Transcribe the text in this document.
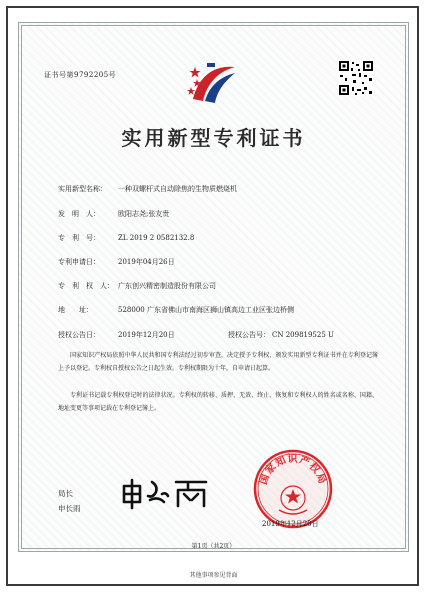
证书号第9792205号
实用新型专利证书
实用新型名称：	一种双螺杆式自动除焦的生物质燃烧机
发　明　人：	欧阳志尧;张友贵
专　利　号：	ZL 2019 2 0582132.8
专利申请日：	2019年04月26日
专　利　权　人： 广东创兴精密制造股份有限公司
地　　址：	528000 广东省佛山市南海区狮山镇高边工业区张边桥侧
授权公告日：	2019年12月20日	授权公告号： CN 209819525 U
国家知识产权局依照中华人民共和国专利法经过初步审查，决定授予专利权，颁发实用新型专利证书并在专利登记簿上予以登记。专利权自授权公告之日起生效。专利权期限为十年，自申请日起算。
专利证书记载专利权登记时的法律状况。专利权的转移、质押、无效、终止、恢复和专利权人的姓名或名称、国籍、地址变更等事项记载在专利登记簿上。
国家知识产权局
2019年12月20日
局长
申长雨
第1页（共2页）
其他事项参见背面
